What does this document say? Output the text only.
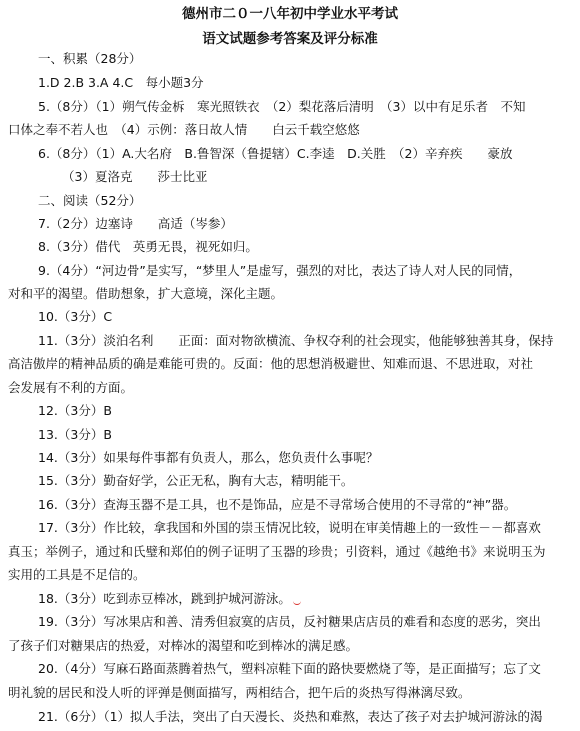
德州市二０一八年初中学业水平考试
语文试题参考答案及评分标准
一、积累（28分）
1.D 2.B 3.A 4.C　每小题3分
5.（8分）（1）朔气传金柝　寒光照铁衣　（2）梨花落后清明　（3）以中有足乐者　不知
口体之奉不若人也　（4）示例：落日故人情　　白云千载空悠悠
6.（8分）（1）A.大名府　B.鲁智深（鲁提辖）C.李逵　D.关胜　（2）辛弃疾　　豪放
（3）夏洛克　　莎士比亚
二、阅读（52分）
7.（2分）边塞诗　　高适（岑参）
8.（3分）借代　英勇无畏，视死如归。
9.（4分）“河边骨”是实写，“梦里人”是虚写，强烈的对比，表达了诗人对人民的同情，
对和平的渴望。借助想象，扩大意境，深化主题。
10.（3分）C
11.（3分）淡泊名利　　正面：面对物欲横流、争权夺利的社会现实，他能够独善其身，保持
高洁傲岸的精神品质的确是难能可贵的。反面：他的思想消极避世、知难而退、不思进取，对社
会发展有不利的方面。
12.（3分）B
13.（3分）B
14.（3分）如果每件事都有负责人，那么，您负责什么事呢？
15.（3分）勤奋好学，公正无私，胸有大志，精明能干。
16.（3分）查海玉器不是工具，也不是饰品，应是不寻常场合使用的不寻常的“神”器。
17.（3分）作比较，拿我国和外国的崇玉情况比较，说明在审美情趣上的一致性－－都喜欢
真玉；举例子，通过和氏璧和郑伯的例子证明了玉器的珍贵；引资料，通过《越绝书》来说明玉为
实用的工具是不足信的。
18.（3分）吃到赤豆棒冰，跳到护城河游泳。
19.（3分）写冰果店和善、清秀但寂寞的店员，反衬糖果店店员的难看和态度的恶劣，突出
了孩子们对糖果店的热爱，对棒冰的渴望和吃到棒冰的满足感。
20.（4分）写麻石路面蒸腾着热气，塑料凉鞋下面的路快要燃烧了等，是正面描写；忘了文
明礼貌的居民和没人听的评弹是侧面描写，两相结合，把午后的炎热写得淋漓尽致。
21.（6分）（1）拟人手法，突出了白天漫长、炎热和难熬，表达了孩子对去护城河游泳的渴
